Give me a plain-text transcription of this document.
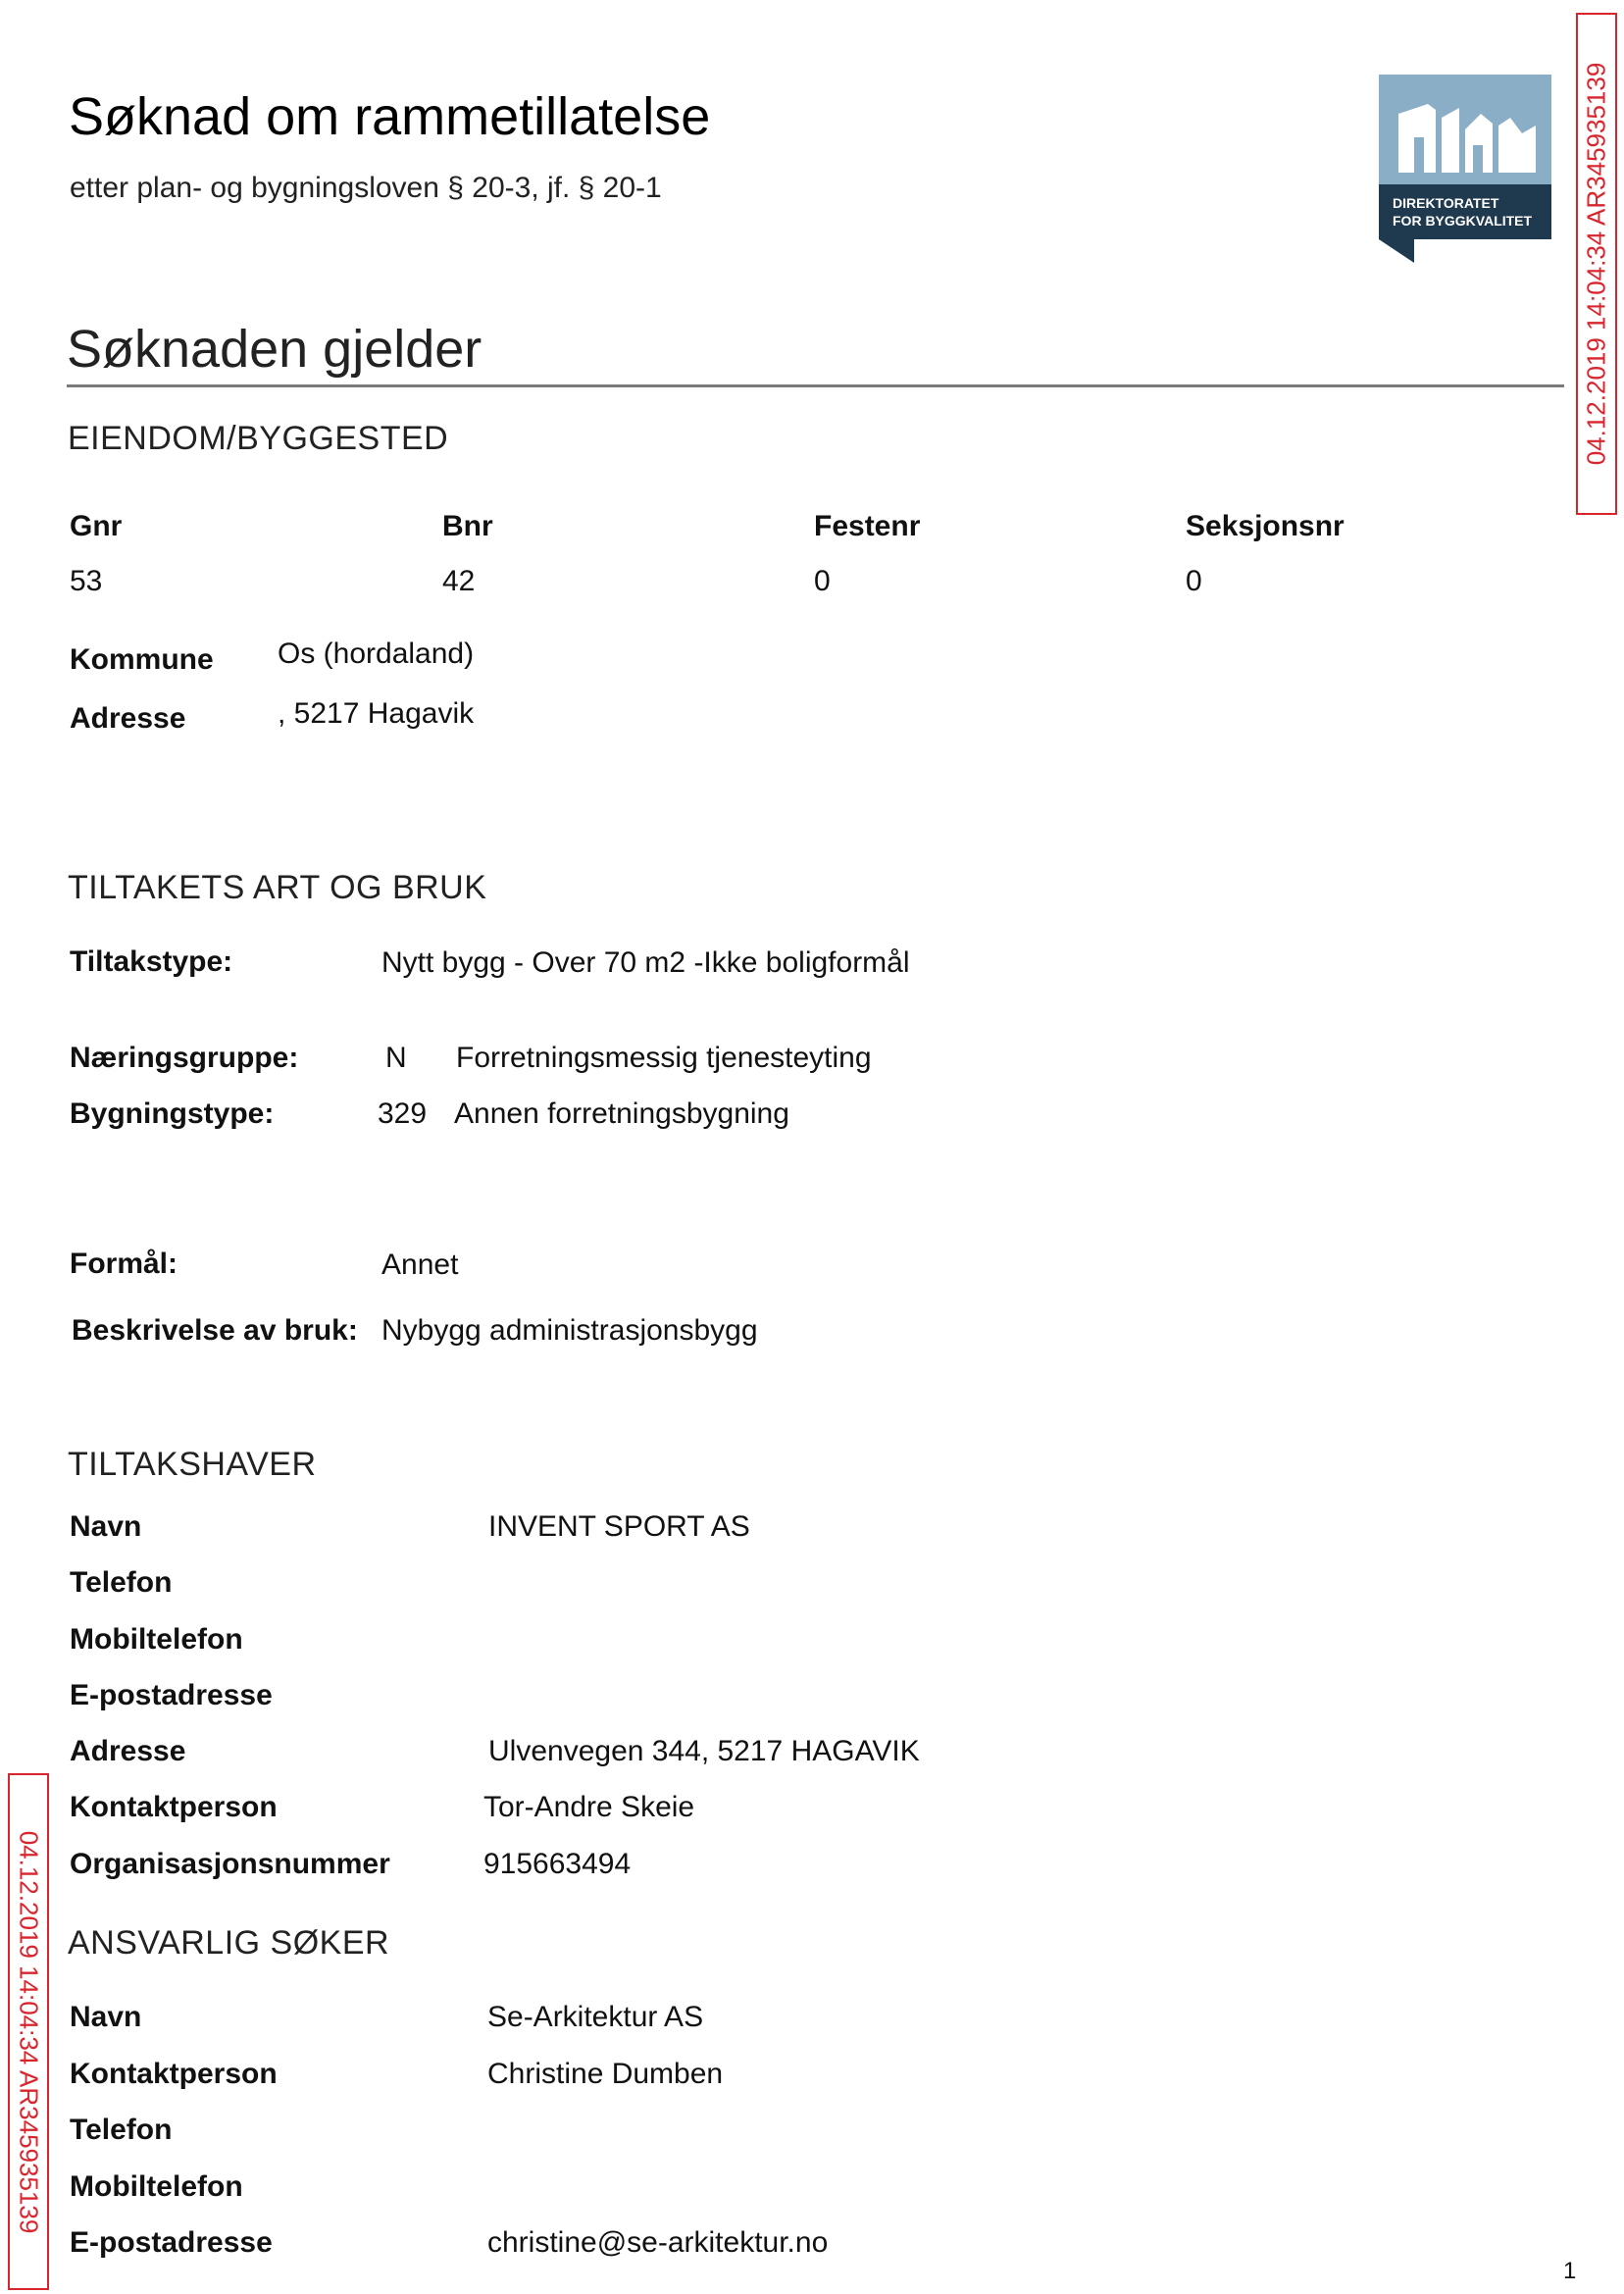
Søknad om rammetillatelse
etter plan- og bygningsloven § 20-3, jf. § 20-1	DIREKTORATET
FOR BYGGKVALITET 04.12.2019 14:04:34 AR345935139
04.12.2019 14:04:34 AR345935139
Søknaden gjelder
EIENDOM/BYGGESTED
Gnr	Bnr	Festenr	Seksjonsnr
53	42	0	0
Kommune Os (hordaland)
Adresse	, 5217 Hagavik
TILTAKETS ART OG BRUK
Tiltakstype:	Nytt bygg - Over 70 m2 -Ikke boligformål
Næringsgruppe:	N Forretningsmessig tjenesteyting
Bygningstype:	329 Annen forretningsbygning
Formål:	Annet
Beskrivelse av bruk: Nybygg administrasjonsbygg
TILTAKSHAVER
Navn	INVENT SPORT AS
Telefon
Mobiltelefon
E-postadresse
Adresse	Ulvenvegen 344, 5217 HAGAVIK
Kontaktperson	Tor-Andre Skeie
Organisasjonsnummer	915663494
ANSVARLIG SØKER
Navn	Se-Arkitektur AS
Kontaktperson	Christine Dumben
Telefon
Mobiltelefon
E-postadresse	christine@se-arkitektur.no
1
